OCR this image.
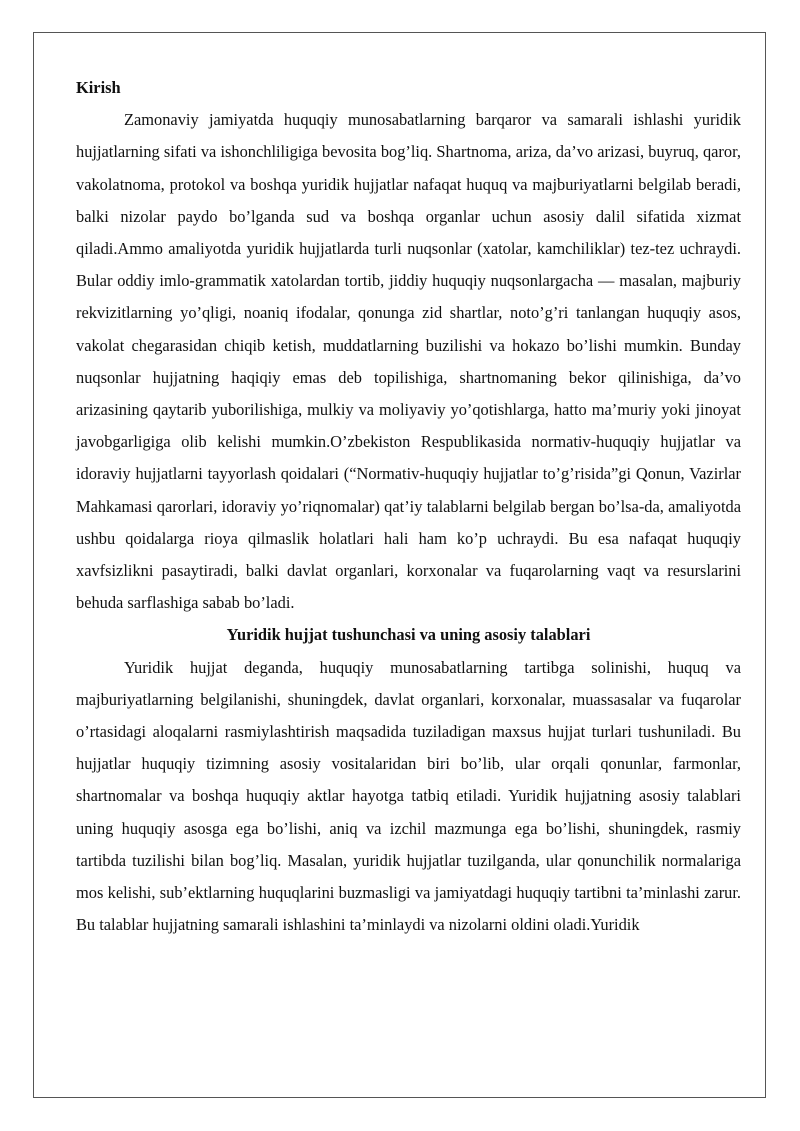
Kirish

Zamonaviy jamiyatda huquqiy munosabatlarning barqaror va samarali ishlashi yuridik hujjatlarning sifati va ishonchliligiga bevosita bog’liq. Shartnoma, ariza, da’vo arizasi, buyruq, qaror, vakolatnoma, protokol va boshqa yuridik hujjatlar nafaqat huquq va majburiyatlarni belgilab beradi, balki nizolar paydo bo’lganda sud va boshqa organlar uchun asosiy dalil sifatida xizmat qiladi.Ammo amaliyotda yuridik hujjatlarda turli nuqsonlar (xatolar, kamchiliklar) tez-tez uchraydi. Bular oddiy imlo-grammatik xatolardan tortib, jiddiy huquqiy nuqsonlargacha — masalan, majburiy rekvizitlarning yo’qligi, noaniq ifodalar, qonunga zid shartlar, noto’g’ri tanlangan huquqiy asos, vakolat chegarasidan chiqib ketish, muddatlarning buzilishi va hokazo bo’lishi mumkin. Bunday nuqsonlar hujjatning haqiqiy emas deb topilishiga, shartnomaning bekor qilinishiga, da’vo arizasining qaytarib yuborilishiga, mulkiy va moliyaviy yo’qotishlarga, hatto ma’muriy yoki jinoyat javobgarligiga olib kelishi mumkin.O’zbekiston Respublikasida normativ-huquqiy hujjatlar va idoraviy hujjatlarni tayyorlash qoidalari (“Normativ-huquqiy hujjatlar to’g’risida”gi Qonun, Vazirlar Mahkamasi qarorlari, idoraviy yo’riqnomalar) qat’iy talablarni belgilab bergan bo’lsa-da, amaliyotda ushbu qoidalarga rioya qilmaslik holatlari hali ham ko’p uchraydi. Bu esa nafaqat huquqiy xavfsizlikni pasaytiradi, balki davlat organlari, korxonalar va fuqarolarning vaqt va resurslarini behuda sarflashiga sabab bo’ladi.

Yuridik hujjat tushunchasi va uning asosiy talablari

Yuridik hujjat deganda, huquqiy munosabatlarning tartibga solinishi, huquq va majburiyatlarning belgilanishi, shuningdek, davlat organlari, korxonalar, muassasalar va fuqarolar o’rtasidagi aloqalarni rasmiylashtirish maqsadida tuziladigan maxsus hujjat turlari tushuniladi. Bu hujjatlar huquqiy tizimning asosiy vositalaridan biri bo’lib, ular orqali qonunlar, farmonlar, shartnomalar va boshqa huquqiy aktlar hayotga tatbiq etiladi. Yuridik hujjatning asosiy talablari uning huquqiy asosga ega bo’lishi, aniq va izchil mazmunga ega bo’lishi, shuningdek, rasmiy tartibda tuzilishi bilan bog’liq. Masalan, yuridik hujjatlar tuzilganda, ular qonunchilik normalariga mos kelishi, sub’ektlarning huquqlarini buzmasligi va jamiyatdagi huquqiy tartibni ta’minlashi zarur. Bu talablar hujjatning samarali ishlashini ta’minlaydi va nizolarni oldini oladi.Yuridik
